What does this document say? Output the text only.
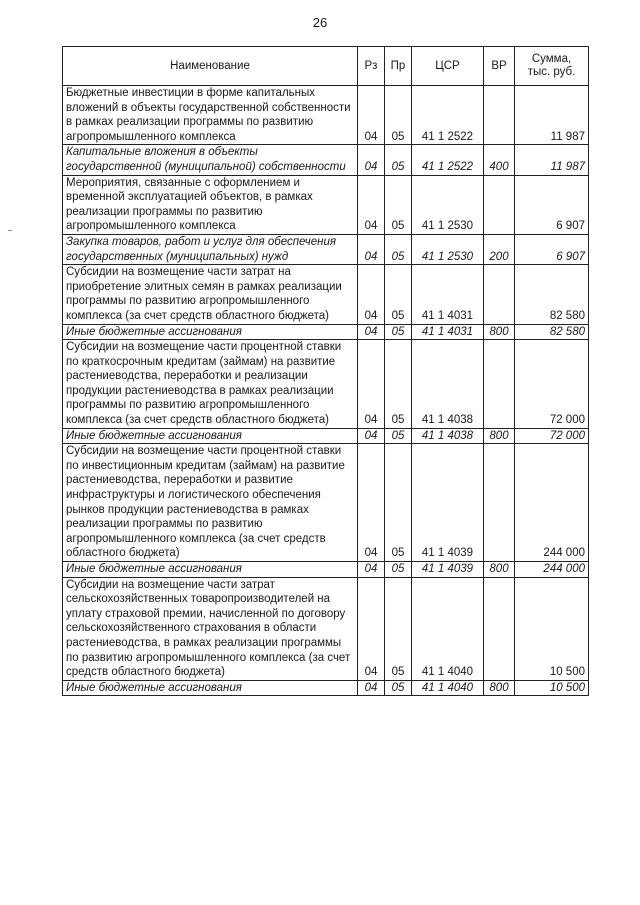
26
Наименование	Рз	Пр	ЦСР	ВР	Сумма,
тыс. руб.
Бюджетные инвестиции в форме капитальных вложений в объекты государственной собственности в рамках реализации программы по развитию агропромышленного комплекса	04	05	41 1 2522		11 987
Капитальные вложения в объекты государственной (муниципальной) собственности	04	05	41 1 2522	400	11 987
Мероприятия, связанные с оформлением и временной эксплуатацией объектов, в рамках реализации программы по развитию агропромышленного комплекса	04	05	41 1 2530		6 907
Закупка товаров, работ и услуг для обеспечения государственных (муниципальных) нужд	04	05	41 1 2530	200	6 907
Субсидии на возмещение части затрат на приобретение элитных семян в рамках реализации программы по развитию агропромышленного комплекса (за счет средств областного бюджета)	04	05	41 1 4031		82 580
Иные бюджетные ассигнования	04	05	41 1 4031	800	82 580
Субсидии на возмещение части процентной ставки по краткосрочным кредитам (займам) на развитие растениеводства, переработки и реализации продукции растениеводства в рамках реализации программы по развитию агропромышленного комплекса (за счет средств областного бюджета)	04	05	41 1 4038		72 000
Иные бюджетные ассигнования	04	05	41 1 4038	800	72 000
Субсидии на возмещение части процентной ставки по инвестиционным кредитам (займам) на развитие растениеводства, переработки и развитие инфраструктуры и логистического обеспечения рынков продукции растениеводства в рамках реализации программы по развитию агропромышленного комплекса (за счет средств областного бюджета)	04	05	41 1 4039		244 000
Иные бюджетные ассигнования	04	05	41 1 4039	800	244 000
Субсидии на возмещение части затрат сельскохозяйственных товаропроизводителей на уплату страховой премии, начисленной по договору сельскохозяйственного страхования в области растениеводства, в рамках реализации программы по развитию агропромышленного комплекса (за счет средств областного бюджета)	04	05	41 1 4040		10 500
Иные бюджетные ассигнования	04	05	41 1 4040	800	10 500
